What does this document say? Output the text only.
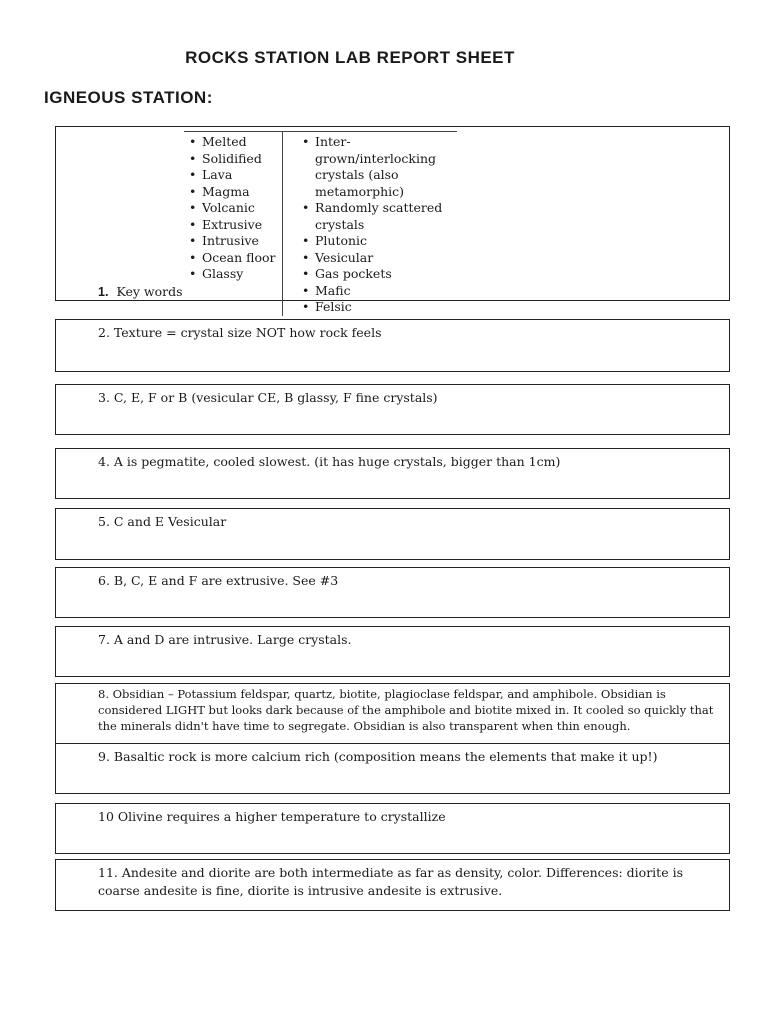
ROCKS STATION LAB REPORT SHEET
IGNEOUS STATION:
• Melted
• Solidified
• Lava
• Magma
• Volcanic
• Extrusive
• Intrusive
• Ocean floor
• Glassy
• Inter-grown/interlocking crystals (also metamorphic)
• Randomly scattered crystals
• Plutonic
• Vesicular
• Gas pockets
• Mafic
• Felsic
1. Key words

2. Texture = crystal size NOT how rock feels

3. C, E, F or B (vesicular CE, B glassy, F fine crystals)

4. A is pegmatite, cooled slowest. (it has huge crystals, bigger than 1cm)

5. C and E Vesicular

6. B, C, E and F are extrusive. See #3

7. A and D are intrusive. Large crystals.

8. Obsidian – Potassium feldspar, quartz, biotite, plagioclase feldspar, and amphibole. Obsidian is considered LIGHT but looks dark because of the amphibole and biotite mixed in. It cooled so quickly that the minerals didn't have time to segregate. Obsidian is also transparent when thin enough.

9. Basaltic rock is more calcium rich (composition means the elements that make it up!)

10 Olivine requires a higher temperature to crystallize

11. Andesite and diorite are both intermediate as far as density, color. Differences: diorite is coarse andesite is fine, diorite is intrusive andesite is extrusive.
